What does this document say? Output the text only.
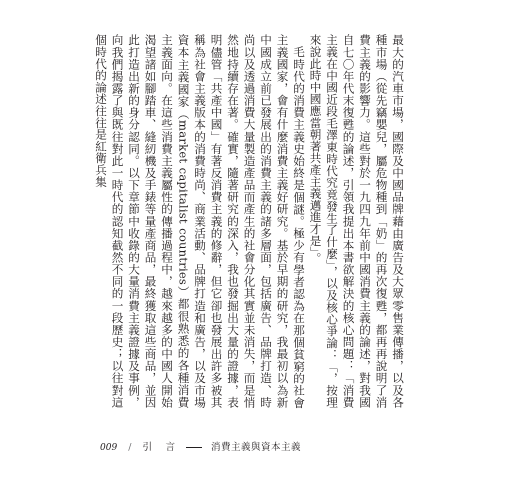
最大的汽車市場，國際及中國品牌藉由廣告及大眾零售業傳播，以及各種市場（從先竊嬰兒，屬危物種到「奶」的再次復甦，都再再說明了消費主義的影響力。這些對於一九四九年前中國消費主義的論述，對我國自七〇年代末復甦的論述，引領我提出本書欲解決的核心問題：「消費主義在中國近段毛澤東時代究竟發生了什麼」，以及核心爭論：「，按理來說此時中國應當朝著共產主義邁進才是」。

毛時代的消費主義史始終是個謎。極少有學者認為在那個貧窮的社會主義國家，會有什麼消費主義好研究。基於早期的研究，我最初以為新中國成立前已發展出的消費主義的諸多層面，包括廣告、品牌打造、時尚以及透過消費大量製造產品而產生的社會分化其實並未消失，而是悄然地持續存在著。確實，隨著研究的深入，我也發掘出大量的證據，表明儘管「共產中國」有著反消費主義的修辭，但它卻也發展出許多被其稱為社會主義版本的消費時尚、商業活動、品牌打造和廣告，以及市場資本主義國家（market capitalist countries）都很熟悉的各種消費主義面向。在這些消費主義屬性的傳播過程中，越來越多的中國人開始渴望諸如腳踏車、縫紉機及手錶等量產商品，最終獲取這些商品，並因此打造出新的身分認同。以下章節中收錄的大量消費主義證據及事例，向我們揭露了與既往對此一時代的認知截然不同的一段歷史；以往對這個時代的論述往往是紅衛兵集

009 / 引　言	消費主義與資本主義
